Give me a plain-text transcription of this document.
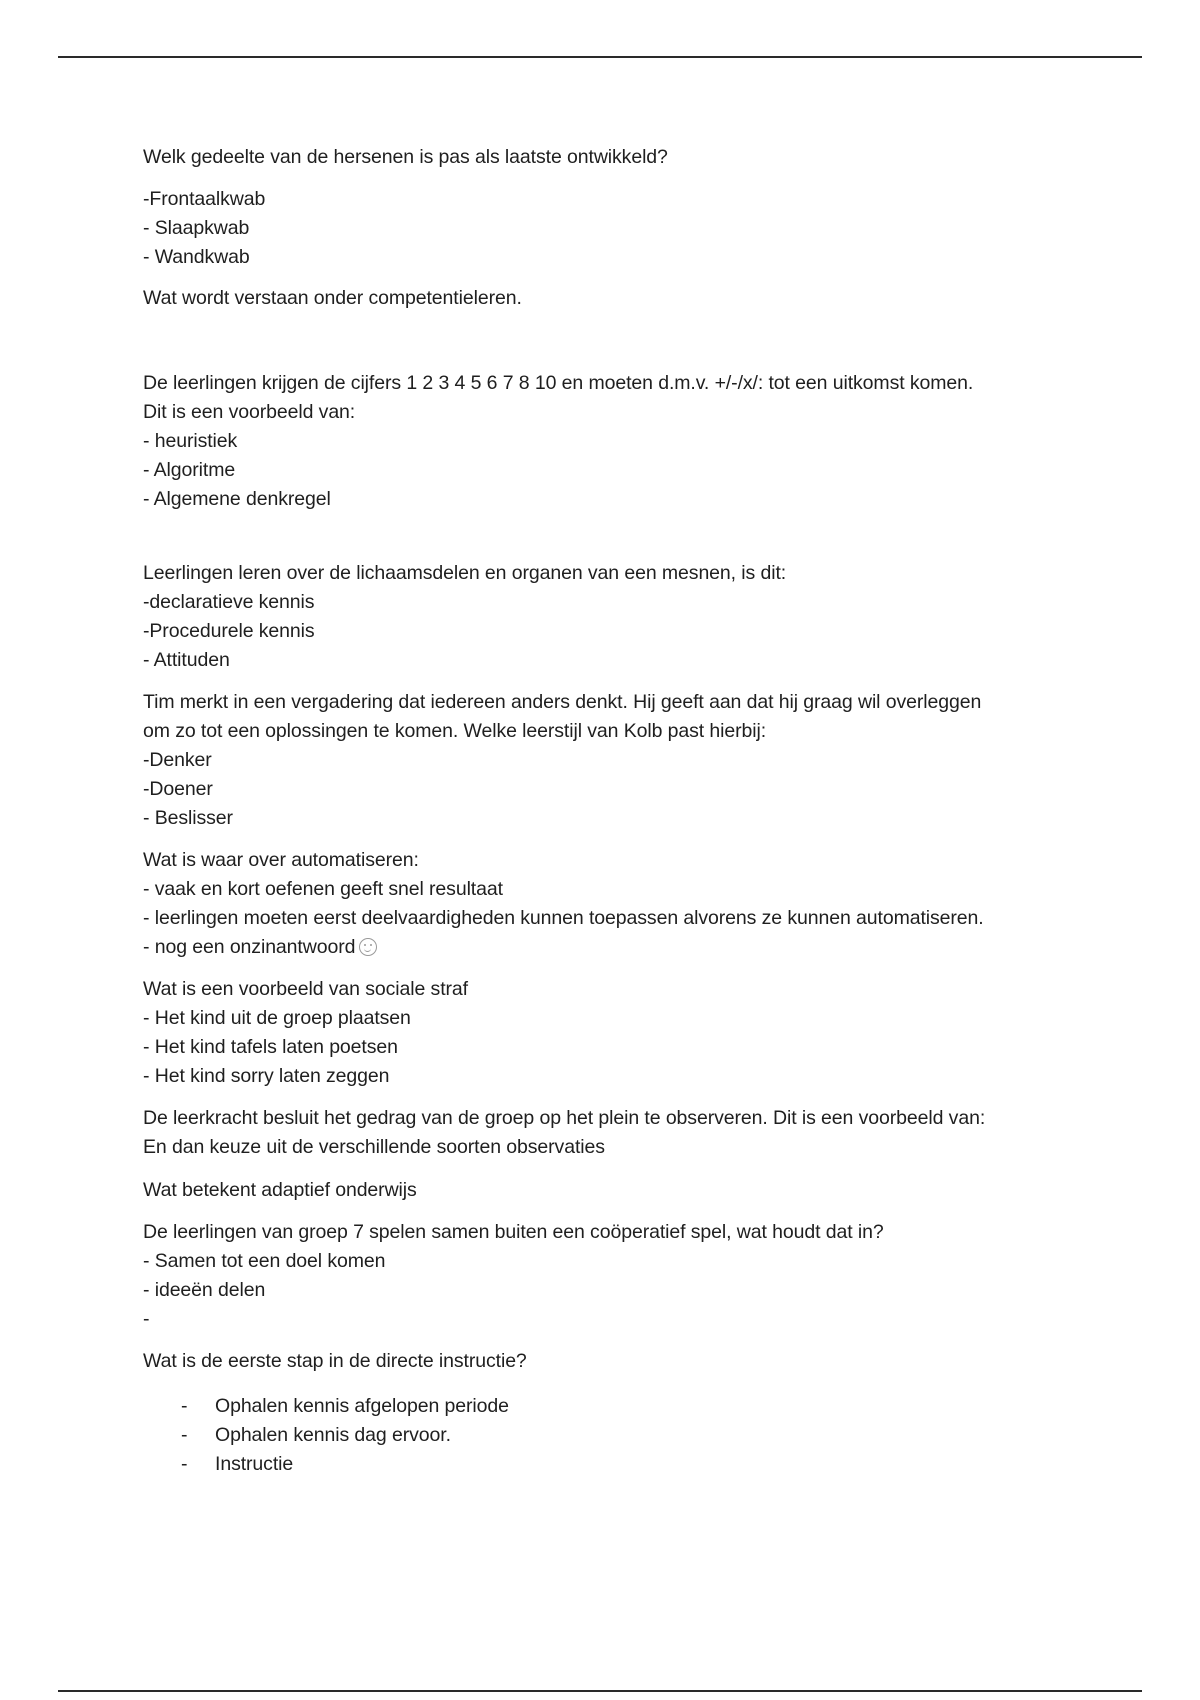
Welk gedeelte van de hersenen is pas als laatste ontwikkeld?
-Frontaalkwab
- Slaapkwab
- Wandkwab
Wat wordt verstaan onder competentieleren.
De leerlingen krijgen de cijfers 1 2 3 4 5 6 7 8 10 en moeten d.m.v. +/-/x/: tot een uitkomst komen.
Dit is een voorbeeld van:
- heuristiek
- Algoritme
- Algemene denkregel
Leerlingen leren over de lichaamsdelen en organen van een mesnen, is dit:
-declaratieve kennis
-Procedurele kennis
- Attituden
Tim merkt in een vergadering dat iedereen anders denkt. Hij geeft aan dat hij graag wil overleggen
om zo tot een oplossingen te komen. Welke leerstijl van Kolb past hierbij:
-Denker
-Doener
- Beslisser
Wat is waar over automatiseren:
- vaak en kort oefenen geeft snel resultaat
- leerlingen moeten eerst deelvaardigheden kunnen toepassen alvorens ze kunnen automatiseren.
- nog een onzinantwoord
Wat is een voorbeeld van sociale straf
- Het kind uit de groep plaatsen
- Het kind tafels laten poetsen
- Het kind sorry laten zeggen
De leerkracht besluit het gedrag van de groep op het plein te observeren. Dit is een voorbeeld van:
En dan keuze uit de verschillende soorten observaties
Wat betekent adaptief onderwijs
De leerlingen van groep 7 spelen samen buiten een coöperatief spel, wat houdt dat in?
- Samen tot een doel komen
- ideeën delen
-
Wat is de eerste stap in de directe instructie?
-	Ophalen kennis afgelopen periode
-	Ophalen kennis dag ervoor.
-	Instructie
